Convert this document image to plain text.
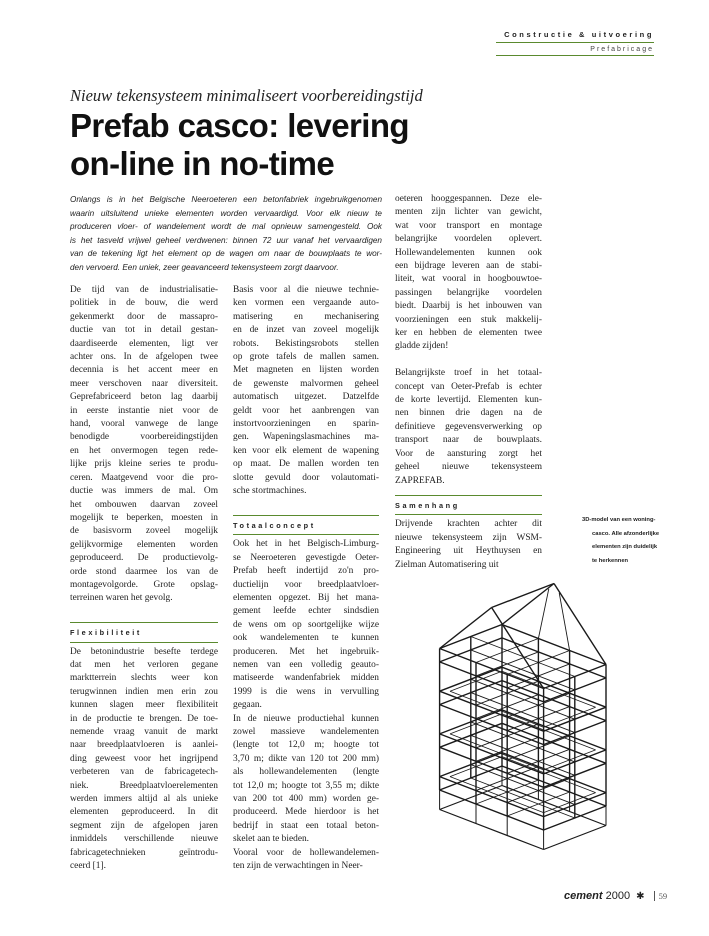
Constructie & uitvoering
Prefabricage
Nieuw tekensysteem minimaliseert voorbereidingstijd
Prefab casco: levering
on-line in no-time
Onlangs is in het Belgische Neeroeteren een betonfabriek ingebruikgenomen
waarin uitsluitend unieke elementen worden vervaardigd. Voor elk nieuw te
produceren vloer- of wandelement wordt de mal opnieuw samengesteld. Ook
is het tasveld vrijwel geheel verdwenen: binnen 72 uur vanaf het vervaardigen
van de tekening ligt het element op de wagen om naar de bouwplaats te wor-
den vervoerd. Een uniek, zeer geavanceerd tekensysteem zorgt daarvoor.

De tijd van de industrialisatie-
politiek in de bouw, die werd
gekenmerkt door de massapro-
ductie van tot in detail gestan-
daardiseerde elementen, ligt ver
achter ons. In de afgelopen twee
decennia is het accent meer en
meer verschoven naar diversiteit.
Geprefabriceerd beton lag daarbij
in eerste instantie niet voor de
hand, vooral vanwege de lange
benodigde voorbereidingstijden
en het onvermogen tegen rede-
lijke prijs kleine series te produ-
ceren. Maatgevend voor die pro-
ductie was immers de mal. Om
het ombouwen daarvan zoveel
mogelijk te beperken, moesten in
de basisvorm zoveel mogelijk
gelijkvormige elementen worden
geproduceerd. De productievolg-
orde stond daarmee los van de
montagevolgorde. Grote opslag-
terreinen waren het gevolg.

Flexibiliteit

De betonindustrie besefte terdege
dat men het verloren gegane
marktterrein slechts weer kon
terugwinnen indien men erin zou
kunnen slagen meer flexibiliteit
in de productie te brengen. De toe-
nemende vraag vanuit de markt
naar breedplaatvloeren is aanlei-
ding geweest voor het ingrijpend
verbeteren van de fabricagetech-
niek. Breedplaatvloerelementen
werden immers altijd al als unieke
elementen geproduceerd. In dit
segment zijn de afgelopen jaren
inmiddels verschillende nieuwe
fabricagetechnieken geïntrodu-
ceerd [1].

Basis voor al die nieuwe technie-
ken vormen een vergaande auto-
matisering en mechanisering
en de inzet van zoveel mogelijk
robots. Bekistingsrobots stellen
op grote tafels de mallen samen.
Met magneten en lijsten worden
de gewenste malvormen geheel
automatisch uitgezet. Datzelfde
geldt voor het aanbrengen van
instortvoorzieningen en sparin-
gen. Wapeningslasmachines ma-
ken voor elk element de wapening
op maat. De mallen worden ten
slotte gevuld door volautomati-
sche stortmachines.

Totaalconcept

Ook het in het Belgisch-Limburg-
se Neeroeteren gevestigde Oeter-
Prefab heeft indertijd zo'n pro-
ductielijn voor breedplaatvloer-
elementen opgezet. Bij het mana-
gement leefde echter sindsdien
de wens om op soortgelijke wijze
ook wandelementen te kunnen
produceren. Met het ingebruik-
nemen van een volledig geauto-
matiseerde wandenfabriek midden
1999 is die wens in vervulling
gegaan.

In de nieuwe productiehal kunnen
zowel massieve wandelementen
(lengte tot 12,0 m; hoogte tot
3,70 m; dikte van 120 tot 200 mm)
als hollewandelementen (lengte
tot 12,0 m; hoogte tot 3,55 m; dikte
van 200 tot 400 mm) worden ge-
produceerd. Mede hierdoor is het
bedrijf in staat een totaal beton-
skelet aan te bieden.

Vooral voor de hollewandelemen-
ten zijn de verwachtingen in Neer-

oeteren hooggespannen. Deze ele-
menten zijn lichter van gewicht,
wat voor transport en montage
belangrijke voordelen oplevert.
Hollewandelementen kunnen ook
een bijdrage leveren aan de stabi-
liteit, wat vooral in hoogbouwtoe-
passingen belangrijke voordelen
biedt. Daarbij is het inbouwen van
voorzieningen een stuk makkelij-
ker en hebben de elementen twee
gladde zijden!

Belangrijkste troef in het totaal-
concept van Oeter-Prefab is echter
de korte levertijd. Elementen kun-
nen binnen drie dagen na de
definitieve gegevensverwerking op
transport naar de bouwplaats.
Voor de aansturing zorgt het
geheel nieuwe tekensysteem
ZAPREFAB.

Samenhang

Drijvende krachten achter dit
nieuwe tekensysteem zijn WSM-
Engineering uit Heythuysen en
Zielman Automatisering uit

3D-model van een woning-
casco. Alle afzonderlijke
elementen zijn duidelijk
te herkennen
cement 2000 ✱ 59
